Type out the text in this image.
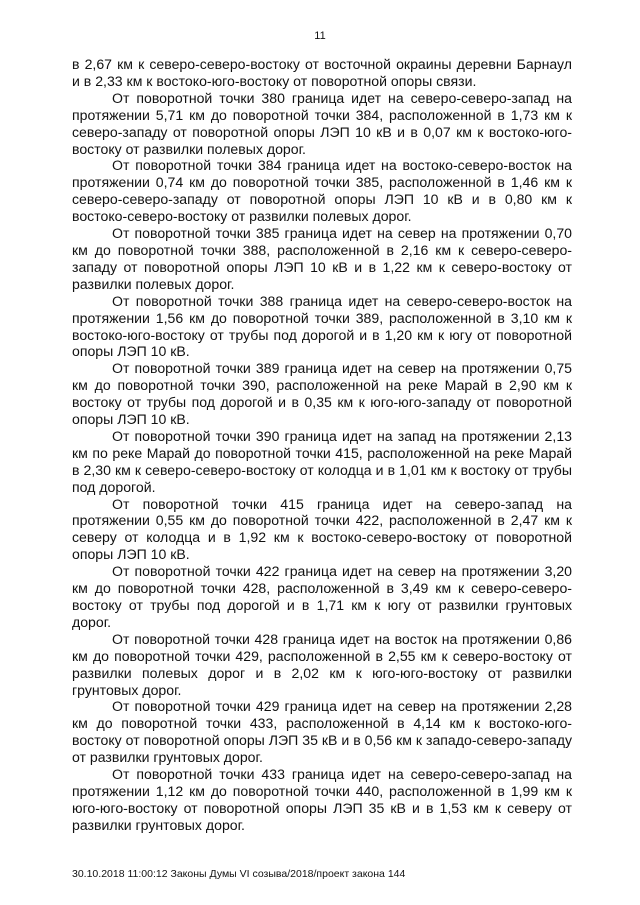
11

в 2,67 км к северо-северо-востоку от восточной окраины деревни Барнаул и в 2,33 км к востоко-юго-востоку от поворотной опоры связи.

От поворотной точки 380 граница идет на северо-северо-запад на протяжении 5,71 км до поворотной точки 384, расположенной в 1,73 км к северо-западу от поворотной опоры ЛЭП 10 кВ и в 0,07 км к востоко-юго-востоку от развилки полевых дорог.

От поворотной точки 384 граница идет на востоко-северо-восток на протяжении 0,74 км до поворотной точки 385, расположенной в 1,46 км к северо-северо-западу от поворотной опоры ЛЭП 10 кВ и в 0,80 км к востоко-северо-востоку от развилки полевых дорог.

От поворотной точки 385 граница идет на север на протяжении 0,70 км до поворотной точки 388, расположенной в 2,16 км к северо-северо-западу от поворотной опоры ЛЭП 10 кВ и в 1,22 км к северо-востоку от развилки полевых дорог.

От поворотной точки 388 граница идет на северо-северо-восток на протяжении 1,56 км до поворотной точки 389, расположенной в 3,10 км к востоко-юго-востоку от трубы под дорогой и в 1,20 км к югу от поворотной опоры ЛЭП 10 кВ.

От поворотной точки 389 граница идет на север на протяжении 0,75 км до поворотной точки 390, расположенной на реке Марай в 2,90 км к востоку от трубы под дорогой и в 0,35 км к юго-юго-западу от поворотной опоры ЛЭП 10 кВ.

От поворотной точки 390 граница идет на запад на протяжении 2,13 км по реке Марай до поворотной точки 415, расположенной на реке Марай в 2,30 км к северо-северо-востоку от колодца и в 1,01 км к востоку от трубы под дорогой.

От поворотной точки 415 граница идет на северо-запад на протяжении 0,55 км до поворотной точки 422, расположенной в 2,47 км к северу от колодца и в 1,92 км к востоко-северо-востоку от поворотной опоры ЛЭП 10 кВ.

От поворотной точки 422 граница идет на север на протяжении 3,20 км до поворотной точки 428, расположенной в 3,49 км к северо-северо-востоку от трубы под дорогой и в 1,71 км к югу от развилки грунтовых дорог.

От поворотной точки 428 граница идет на восток на протяжении 0,86 км до поворотной точки 429, расположенной в 2,55 км к северо-востоку от развилки полевых дорог и в 2,02 км к юго-юго-востоку от развилки грунтовых дорог.

От поворотной точки 429 граница идет на север на протяжении 2,28 км до поворотной точки 433, расположенной в 4,14 км к востоко-юго-востоку от поворотной опоры ЛЭП 35 кВ и в 0,56 км к западо-северо-западу от развилки грунтовых дорог.

От поворотной точки 433 граница идет на северо-северо-запад на протяжении 1,12 км до поворотной точки 440, расположенной в 1,99 км к юго-юго-востоку от поворотной опоры ЛЭП 35 кВ и в 1,53 км к северу от развилки грунтовых дорог.

30.10.2018 11:00:12 Законы Думы VI созыва/2018/проект закона 144
